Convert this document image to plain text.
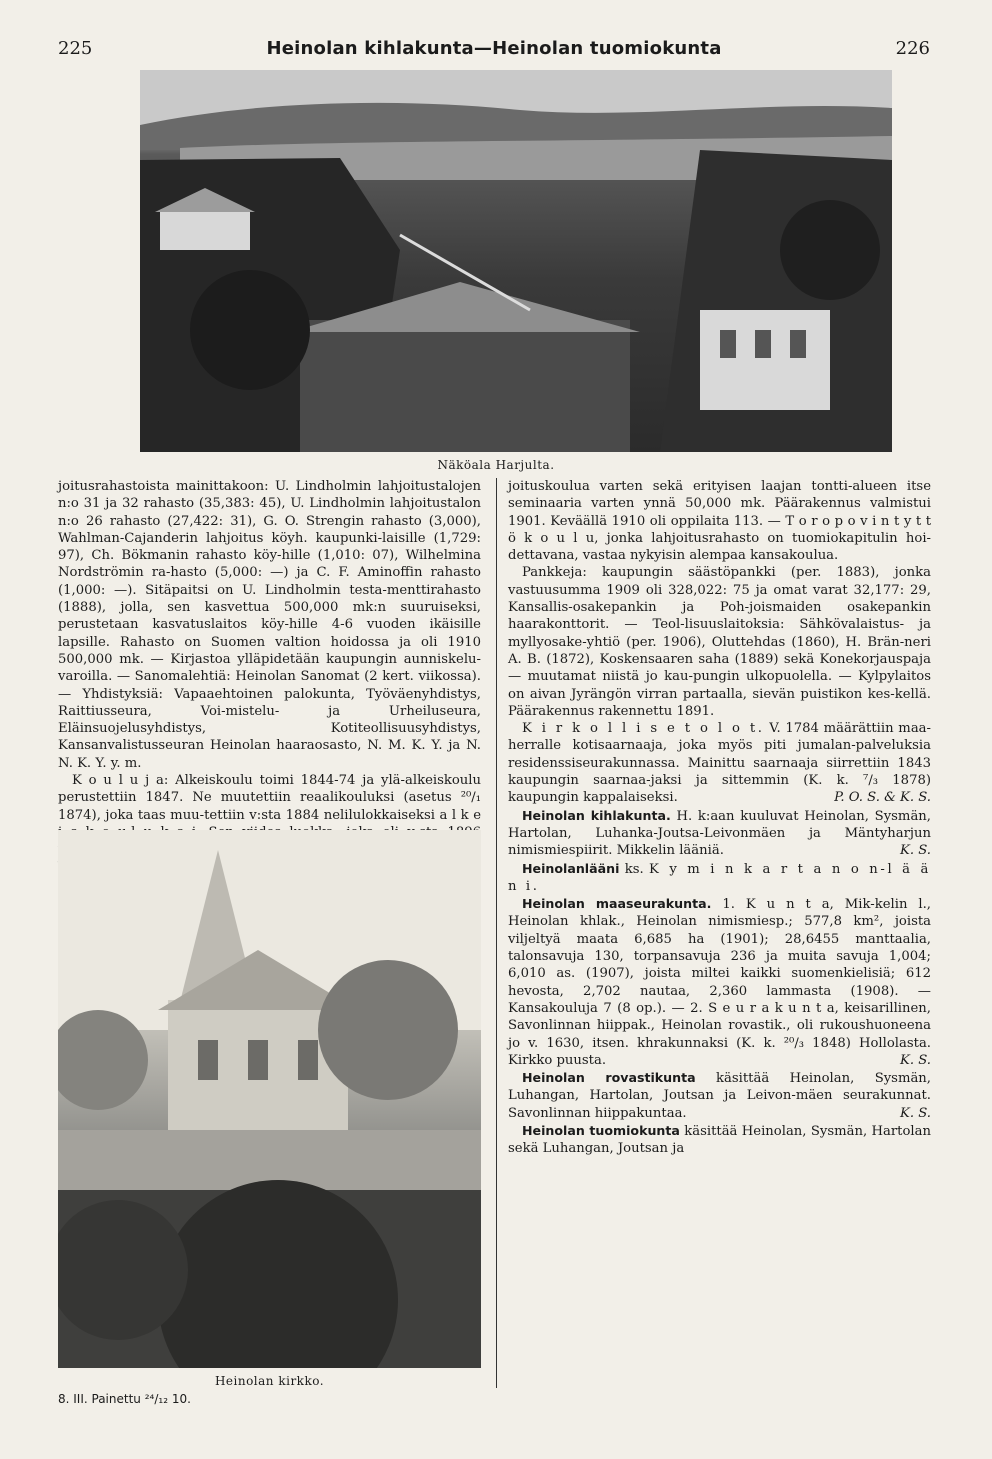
225	Heinolan kihlakunta—Heinolan tuomiokunta	226
Näköala Harjulta.

joitusrahastoista mainittakoon: U. Lindholmin lahjoitustalojen n:o 31 ja 32 rahasto (35,383: 45), U. Lindholmin lahjoitustalon n:o 26 rahasto (27,422: 31), G. O. Strengin rahasto (3,000), Wahlman-Cajanderin lahjoitus köyh. kaupunki-laisille (1,729: 97), Ch. Bökmanin rahasto köy-hille (1,010: 07), Wilhelmina Nordströmin ra-hasto (5,000: —) ja C. F. Aminoffin rahasto (1,000: —). Sitäpaitsi on U. Lindholmin testa-menttirahasto (1888), jolla, sen kasvettua 500,000 mk:n suuruiseksi, perustetaan kasvatuslaitos köy-hille 4-6 vuoden ikäisille lapsille. Rahasto on Suomen valtion hoidossa ja oli 1910 500,000 mk. — Kirjastoa ylläpidetään kaupungin aunniskelu-varoilla. — Sanomalehtiä: Heinolan Sanomat (2 kert. viikossa). — Yhdistyksiä: Vapaaehtoinen palokunta, Työväenyhdistys, Raittiusseura, Voi-mistelu- ja Urheiluseura, Eläinsuojelusyhdistys, Kotiteollisuusyhdistys, Kansanvalistusseuran Heinolan haaraosasto, N. M. K. Y. ja N. N. K. Y. y. m.

K o u l u j a: Alkeiskoulu toimi 1844-74 ja ylä-alkeiskoulu perustettiin 1847. Ne muutettiin reaalikouluksi (asetus ²⁰/₁ 1874), joka taas muu-tettiin v:sta 1884 nelilulokkaiseksi a l k e

Heinolan kirkko.
8. III. Painettu ²⁴/₁₂ 10.

joituskoulua varten sekä erityisen laajan tontti-alueen itse seminaaria varten ynnä 50,000 mk. Päärakennus valmistui 1901. Keväällä 1910 oli oppilaita 113. — T o r o p o v i n t y t t ö k o u l u, jonka lahjoitusrahasto on tuomiokapitulin hoi-dettavana, vastaa nykyisin alempaa kansakoulua.

Pankkeja: kaupungin säästöpankki (per. 1883), jonka vastuusumma 1909 oli 328,022: 75 ja omat varat 32,177: 29, Kansallis-osakepankin ja Poh-joismaiden osakepankin haarakonttorit. — Teol-lisuuslaitoksia: Sähkövalaistus- ja myllyosake-yhtiö (per. 1906), Oluttehdas (1860), H. Brän-neri A. B. (1872), Koskensaaren saha (1889) sekä Konekorjauspaja — muutamat niistä jo kau-pungin ulkopuolella. — Kylpylaitos on aivan Jyrängön virran partaalla, sievän puistikon kes-kellä. Päärakennus rakennettu 1891.

K i r k o l l i s e t o l o t. V. 1784 määrättiin maa-herralle kotisaarnaaja, joka myös piti jumalan-palveluksia residenssiseurakunnassa. Mainittu saarnaaja siirrettiin 1843 kaupungin saarnaa-jaksi ja sittemmin (K. k. ⁷/₃ 1878) kaupungin kappalaiseksi.	P. O. S. & K. S.

Heinolan kihlakunta. H. k:aan kuuluvat Heinolan, Sysmän, Hartolan, Luhanka-Joutsa-Leivonmäen ja Mäntyharjun nimismiespiirit. Mikkelin lääniä.	K. S.

Heinolanlääni ks. K y m i n k a r t a n o n-l ä ä n i.

Heinolan maaseurakunta. 1. K u n t a, Mik-kelin l., Heinolan khlak., Heinolan nimismiesp.; 577,8 km², joista viljeltyä maata 6,685 ha (1901); 28,6455 manttaalia, talonsavuja 130, torpansavuja 236 ja muita savuja 1,004; 6,010 as. (1907), joista miltei kaikki suomenkielisiä; 612 hevosta, 2,702 nautaa, 2,360 lammasta (1908). — Kansakouluja 7 (8 op.). — 2. S e u r a k u n t a, keisarillinen, Savonlinnan hiippak., Heinolan rovastik., oli rukoushuoneena jo v. 1630, itsen. khrakunnaksi (K. k. ²⁰/₃ 1848) Hollolasta. Kirkko puusta.	K. S.

Heinolan rovastikunta käsittää Heinolan, Sysmän, Luhangan, Hartolan, Joutsan ja Leivon-mäen seurakunnat. Savonlinnan hiippakuntaa.	K. S.

Heinolan tuomiokunta käsittää Heinolan, Sysmän, Hartolan sekä Luhangan, Joutsan ja
